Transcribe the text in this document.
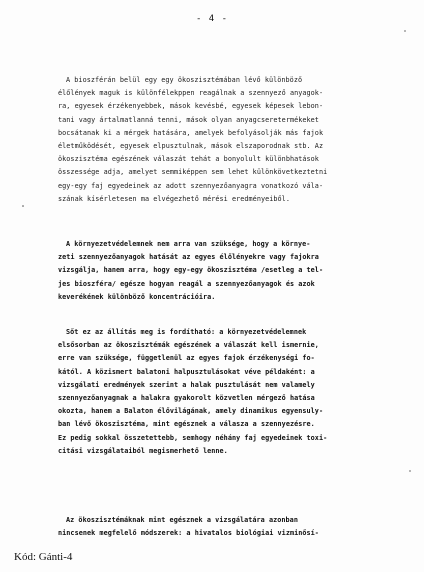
- 4 -
A bioszférán belül egy egy ökoszisztémában lévő különböző
élőlények maguk is különfélekppen reagálnak a szennyező anyagok-
ra, egyesek érzékenyebbek, mások kevésbé, egyesek képesek lebon-
tani vagy ártalmatlanná tenni, mások olyan anyagcseretermékeket
bocsátanak ki a mérgek hatására, amelyek befolyásolják más fajok
életműködését, egyesek elpusztulnak, mások elszaporodnak stb. Az
ökoszisztéma egészének válaszát tehát a bonyolult különbhatások
összessége adja, amelyet semmiképpen sem lehet különkövetkeztetni
egy-egy faj egyedeinek az adott szennyezőanyagra vonatkozó vála-
szának kísérletesen ma elvégezhető mérési eredményeiből.
A környezetvédelemnek nem arra van szüksége, hogy a környe-
zeti szennyezőanyagok hatását az egyes élőlényekre vagy fajokra
vizsgálja, hanem arra, hogy egy-egy ökoszisztéma /esetleg a tel-
jes bioszféra/ egésze hogyan reagál a szennyezőanyagok és azok
keverékének különböző koncentrációira.
Sőt ez az állítás meg is fordítható: a környezetvédelemnek
elsősorban az ökoszisztémák egészének a válaszát kell ismernie,
erre van szüksége, függetlenül az egyes fajok érzékenységi fo-
kától. A közismert balatoni halpusztulásokat véve példaként: a
vizsgálati eredmények szerint a halak pusztulását nem valamely
szennyezőanyagnak a halakra gyakorolt közvetlen mérgező hatása
okozta, hanem a Balaton élővilágának, amely dinamikus egyensuly-
ban lévő ökoszisztéma, mint egésznek a válasza a szennyezésre.
Ez pedig sokkal összetettebb, semhogy néhány faj egyedeinek toxi-
citási vizsgálataiból megismerhető lenne.
Az ökoszisztémáknak mint egésznek a vizsgálatára azonban
nincsenek megfelelő módszerek: a hivatalos biológiai vizminősí-
Kód: Gánti-4
